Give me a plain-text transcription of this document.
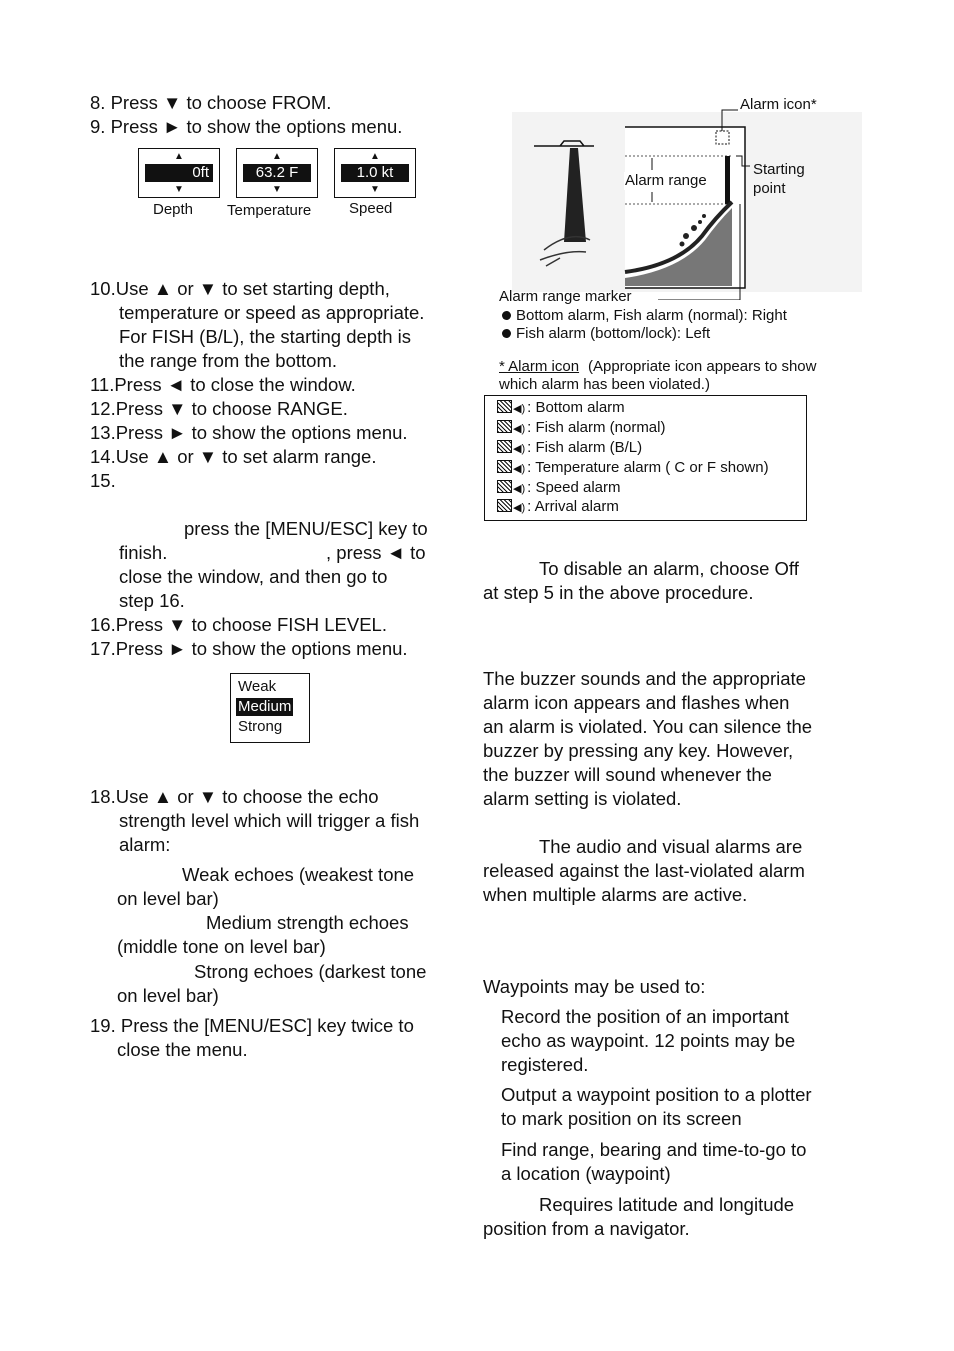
8. Press ▼ to choose FROM.
9. Press ► to show the options menu.
▲
0ft
▼
Depth
▲
63.2 F
▼
Temperature
▲
1.0 kt
▼
Speed
10.Use ▲ or ▼ to set starting depth,
temperature or speed as appropriate.
For FISH (B/L), the starting depth is
the range from the bottom.
11.Press ◄ to close the window.
12.Press ▼ to choose RANGE.
13.Press ► to show the options menu.
14.Use ▲ or ▼ to set alarm range.
15.
press the [MENU/ESC] key to
finish.	, press ◄ to
close the window, and then go to
step 16.
16.Press ▼ to choose FISH LEVEL.
17.Press ► to show the options menu.
Weak
Medium
Strong
18.Use ▲ or ▼ to choose the echo
strength level which will trigger a fish
alarm:
Weak echoes (weakest tone
on level bar)
Medium strength echoes
(middle tone on level bar)
Strong echoes (darkest tone
on level bar)
19. Press the [MENU/ESC] key twice to
close the menu.
Alarm icon*
Alarm range
Starting
point
Alarm range marker
Bottom alarm, Fish alarm (normal): Right
Fish alarm (bottom/lock): Left
* Alarm icon (Appropriate icon appears to show
which alarm has been violated.)
◀) : Bottom alarm
◀) : Fish alarm (normal)
◀) : Fish alarm (B/L)
◀) : Temperature alarm ( C or F shown)
◀) : Speed alarm
◀) : Arrival alarm
To disable an alarm, choose Off
at step 5 in the above procedure.
The buzzer sounds and the appropriate
alarm icon appears and flashes when
an alarm is violated. You can silence the
buzzer by pressing any key. However,
the buzzer will sound whenever the
alarm setting is violated.
The audio and visual alarms are
released against the last-violated alarm
when multiple alarms are active.
Waypoints may be used to:
Record the position of an important
echo as waypoint. 12 points may be
registered.
Output a waypoint position to a plotter
to mark position on its screen
Find range, bearing and time-to-go to
a location (waypoint)
Requires latitude and longitude
position from a navigator.
